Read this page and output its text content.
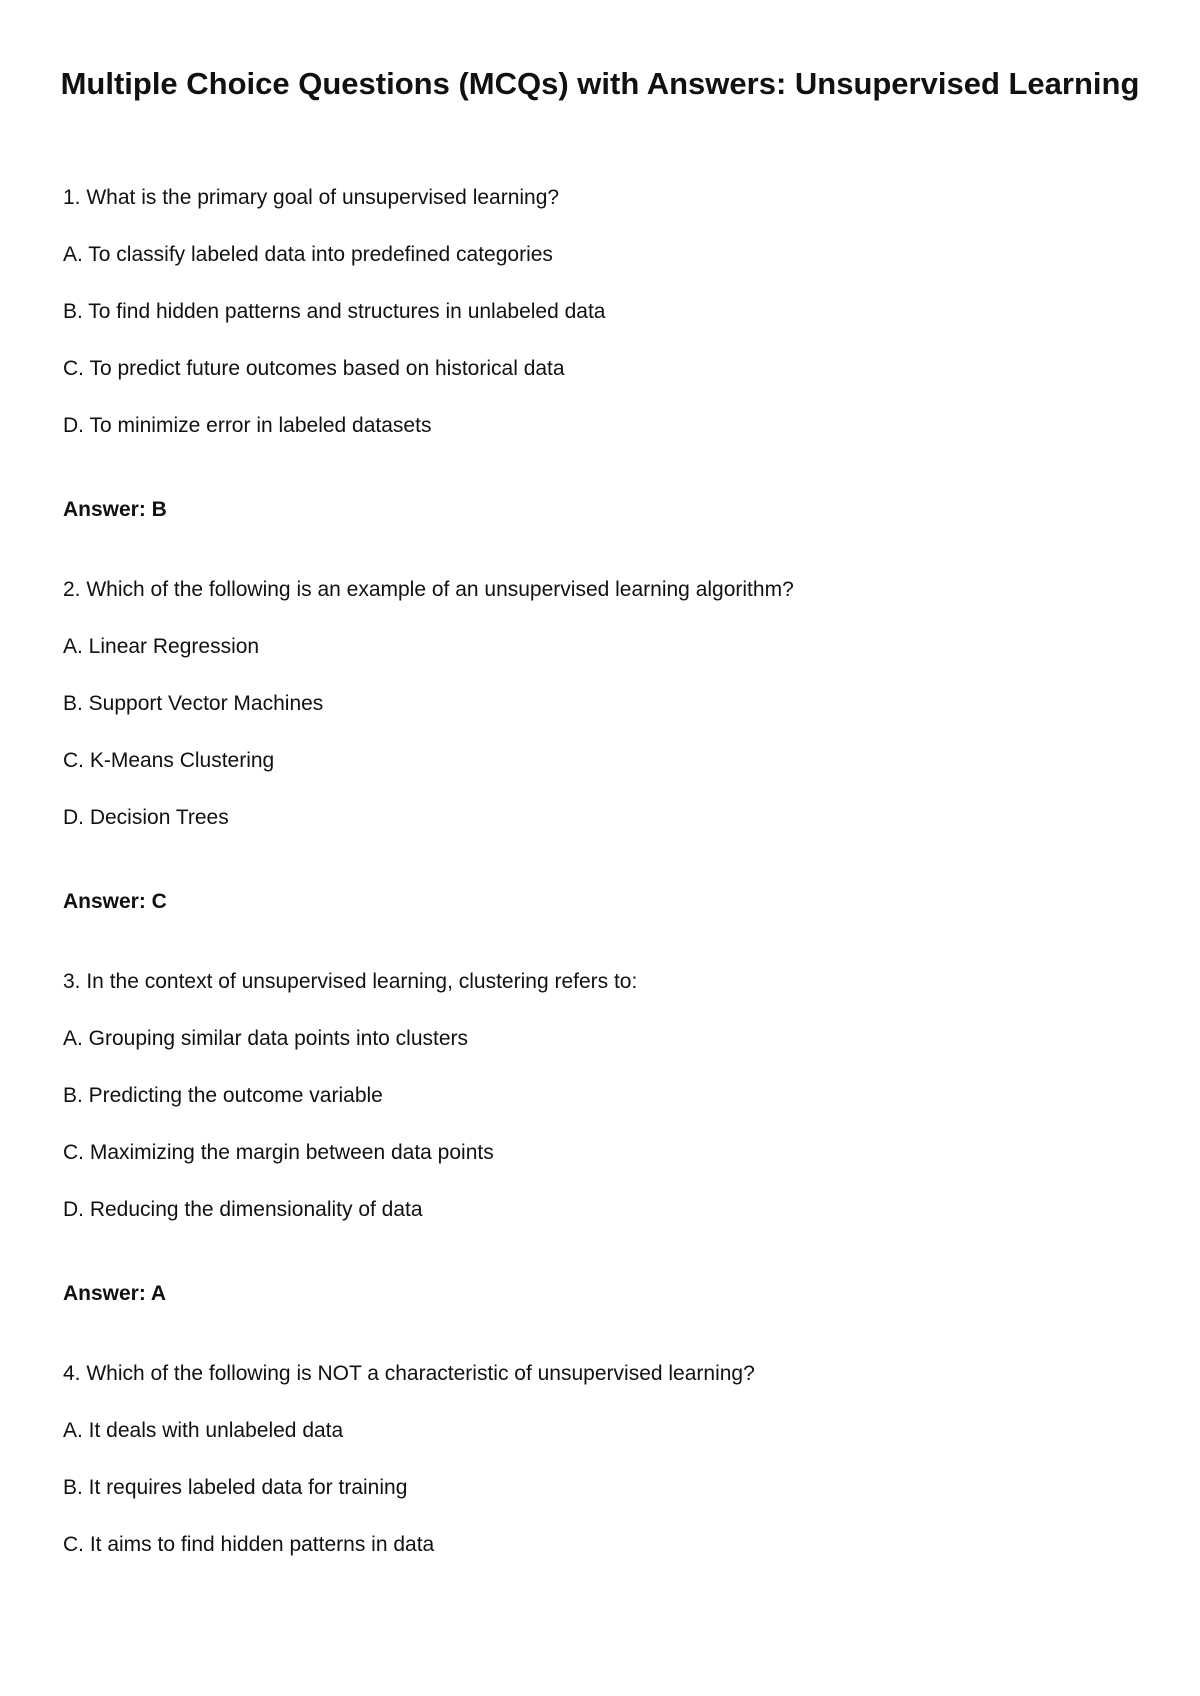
Multiple Choice Questions (MCQs) with Answers: Unsupervised Learning
1. What is the primary goal of unsupervised learning?
A. To classify labeled data into predefined categories
B. To find hidden patterns and structures in unlabeled data
C. To predict future outcomes based on historical data
D. To minimize error in labeled datasets
Answer: B
2. Which of the following is an example of an unsupervised learning algorithm?
A. Linear Regression
B. Support Vector Machines
C. K-Means Clustering
D. Decision Trees
Answer: C
3. In the context of unsupervised learning, clustering refers to:
A. Grouping similar data points into clusters
B. Predicting the outcome variable
C. Maximizing the margin between data points
D. Reducing the dimensionality of data
Answer: A
4. Which of the following is NOT a characteristic of unsupervised learning?
A. It deals with unlabeled data
B. It requires labeled data for training
C. It aims to find hidden patterns in data
